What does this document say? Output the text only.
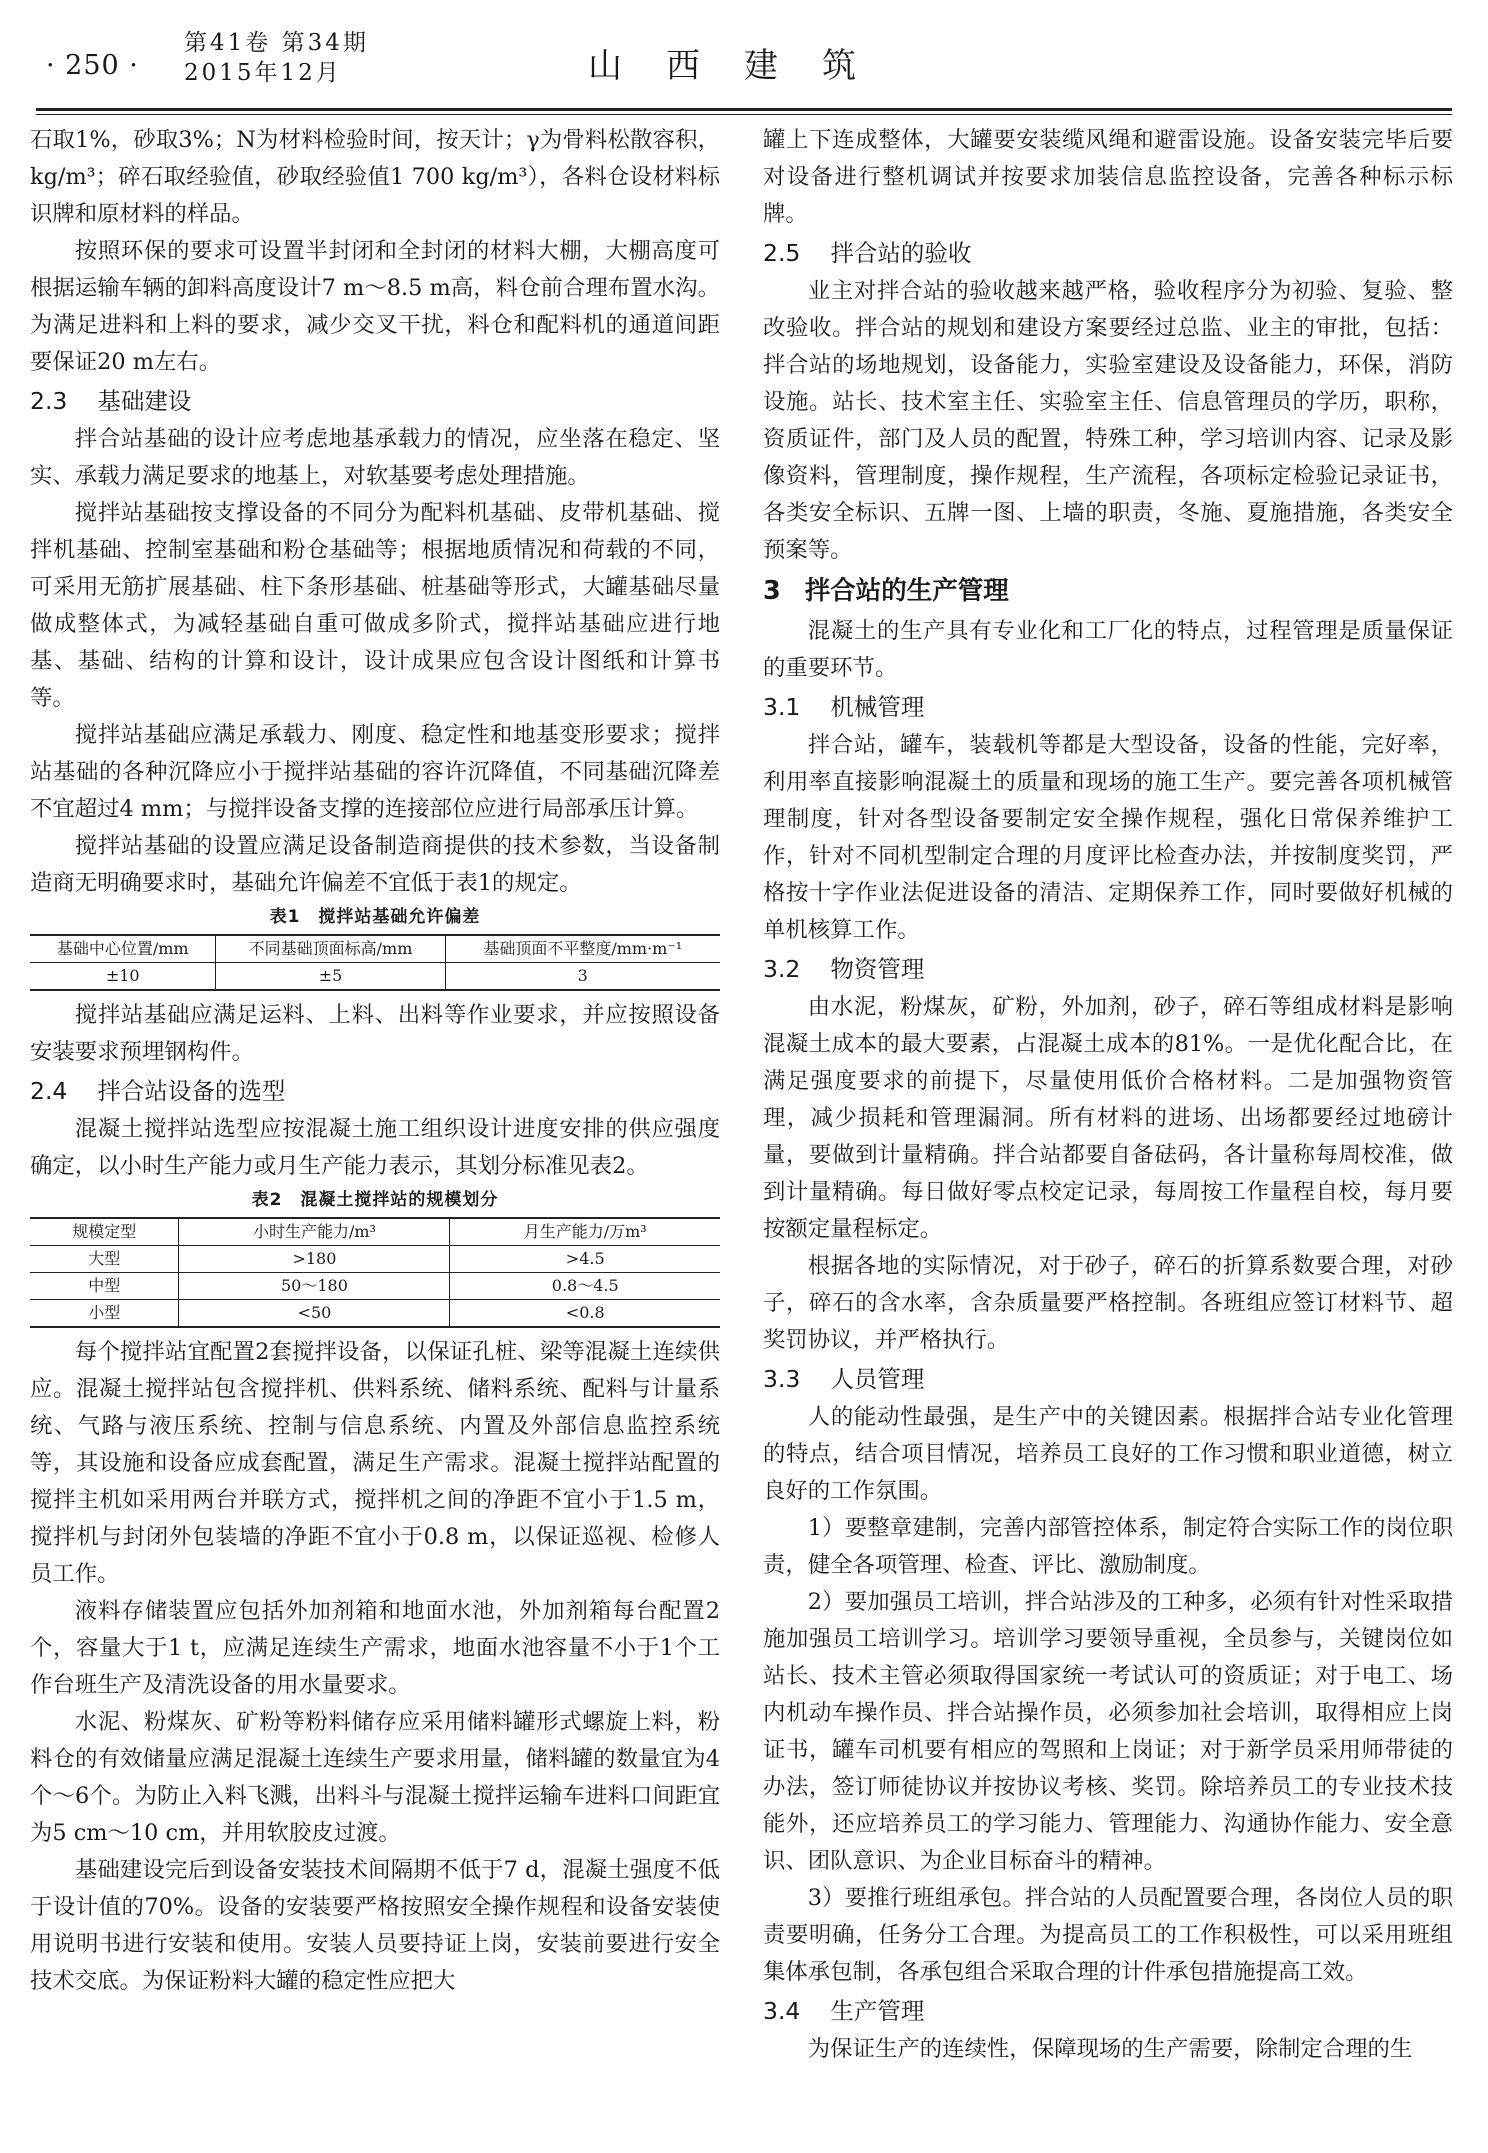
· 250 ·
第41卷 第34期
2015年12月	山西建筑

石取1%，砂取3%；N为材料检验时间，按天计；γ为骨料松散容积，kg/m³；碎石取经验值，砂取经验值1 700 kg/m³），各料仓设材料标识牌和原材料的样品。

按照环保的要求可设置半封闭和全封闭的材料大棚，大棚高度可根据运输车辆的卸料高度设计7 m～8.5 m高，料仓前合理布置水沟。为满足进料和上料的要求，减少交叉干扰，料仓和配料机的通道间距要保证20 m左右。

2.3 基础建设

拌合站基础的设计应考虑地基承载力的情况，应坐落在稳定、坚实、承载力满足要求的地基上，对软基要考虑处理措施。

搅拌站基础按支撑设备的不同分为配料机基础、皮带机基础、搅拌机基础、控制室基础和粉仓基础等；根据地质情况和荷载的不同，可采用无筋扩展基础、柱下条形基础、桩基础等形式，大罐基础尽量做成整体式，为减轻基础自重可做成多阶式，搅拌站基础应进行地基、基础、结构的计算和设计，设计成果应包含设计图纸和计算书等。

搅拌站基础应满足承载力、刚度、稳定性和地基变形要求；搅拌站基础的各种沉降应小于搅拌站基础的容许沉降值，不同基础沉降差不宜超过4 mm；与搅拌设备支撑的连接部位应进行局部承压计算。

搅拌站基础的设置应满足设备制造商提供的技术参数，当设备制造商无明确要求时，基础允许偏差不宜低于表1的规定。

表1 搅拌站基础允许偏差
基础中心位置/mm	不同基础顶面标高/mm	基础顶面不平整度/mm·m⁻¹
±10	±5	3

搅拌站基础应满足运料、上料、出料等作业要求，并应按照设备安装要求预埋钢构件。

2.4 拌合站设备的选型

混凝土搅拌站选型应按混凝土施工组织设计进度安排的供应强度确定，以小时生产能力或月生产能力表示，其划分标准见表2。

表2 混凝土搅拌站的规模划分
规模定型	小时生产能力/m³	月生产能力/万m³
大型	>180	>4.5
中型	50～180	0.8～4.5
小型	<50	<0.8

每个搅拌站宜配置2套搅拌设备，以保证孔桩、梁等混凝土连续供应。混凝土搅拌站包含搅拌机、供料系统、储料系统、配料与计量系统、气路与液压系统、控制与信息系统、内置及外部信息监控系统等，其设施和设备应成套配置，满足生产需求。混凝土搅拌站配置的搅拌主机如采用两台并联方式，搅拌机之间的净距不宜小于1.5 m，搅拌机与封闭外包装墙的净距不宜小于0.8 m，以保证巡视、检修人员工作。

液料存储装置应包括外加剂箱和地面水池，外加剂箱每台配置2个，容量大于1 t，应满足连续生产需求，地面水池容量不小于1个工作台班生产及清洗设备的用水量要求。

水泥、粉煤灰、矿粉等粉料储存应采用储料罐形式螺旋上料，粉料仓的有效储量应满足混凝土连续生产要求用量，储料罐的数量宜为4个～6个。为防止入料飞溅，出料斗与混凝土搅拌运输车进料口间距宜为5 cm～10 cm，并用软胶皮过渡。

基础建设完后到设备安装技术间隔期不低于7 d，混凝土强度不低于设计值的70%。设备的安装要严格按照安全操作规程和设备安装使用说明书进行安装和使用。安装人员要持证上岗，安装前要进行安全技术交底。为保证粉料大罐的稳定性应把大

罐上下连成整体，大罐要安装缆风绳和避雷设施。设备安装完毕后要对设备进行整机调试并按要求加装信息监控设备，完善各种标示标牌。

2.5 拌合站的验收

业主对拌合站的验收越来越严格，验收程序分为初验、复验、整改验收。拌合站的规划和建设方案要经过总监、业主的审批，包括：拌合站的场地规划，设备能力，实验室建设及设备能力，环保，消防设施。站长、技术室主任、实验室主任、信息管理员的学历，职称，资质证件，部门及人员的配置，特殊工种，学习培训内容、记录及影像资料，管理制度，操作规程，生产流程，各项标定检验记录证书，各类安全标识、五牌一图、上墙的职责，冬施、夏施措施，各类安全预案等。

3 拌合站的生产管理

混凝土的生产具有专业化和工厂化的特点，过程管理是质量保证的重要环节。

3.1 机械管理

拌合站，罐车，装载机等都是大型设备，设备的性能，完好率，利用率直接影响混凝土的质量和现场的施工生产。要完善各项机械管理制度，针对各型设备要制定安全操作规程，强化日常保养维护工作，针对不同机型制定合理的月度评比检查办法，并按制度奖罚，严格按十字作业法促进设备的清洁、定期保养工作，同时要做好机械的单机核算工作。

3.2 物资管理

由水泥，粉煤灰，矿粉，外加剂，砂子，碎石等组成材料是影响混凝土成本的最大要素，占混凝土成本的81%。一是优化配合比，在满足强度要求的前提下，尽量使用低价合格材料。二是加强物资管理，减少损耗和管理漏洞。所有材料的进场、出场都要经过地磅计量，要做到计量精确。拌合站都要自备砝码，各计量称每周校准，做到计量精确。每日做好零点校定记录，每周按工作量程自校，每月要按额定量程标定。

根据各地的实际情况，对于砂子，碎石的折算系数要合理，对砂子，碎石的含水率，含杂质量要严格控制。各班组应签订材料节、超奖罚协议，并严格执行。

3.3 人员管理

人的能动性最强，是生产中的关键因素。根据拌合站专业化管理的特点，结合项目情况，培养员工良好的工作习惯和职业道德，树立良好的工作氛围。

1）要整章建制，完善内部管控体系，制定符合实际工作的岗位职责，健全各项管理、检查、评比、激励制度。

2）要加强员工培训，拌合站涉及的工种多，必须有针对性采取措施加强员工培训学习。培训学习要领导重视，全员参与，关键岗位如站长、技术主管必须取得国家统一考试认可的资质证；对于电工、场内机动车操作员、拌合站操作员，必须参加社会培训，取得相应上岗证书，罐车司机要有相应的驾照和上岗证；对于新学员采用师带徒的办法，签订师徒协议并按协议考核、奖罚。除培养员工的专业技术技能外，还应培养员工的学习能力、管理能力、沟通协作能力、安全意识、团队意识、为企业目标奋斗的精神。

3）要推行班组承包。拌合站的人员配置要合理，各岗位人员的职责要明确，任务分工合理。为提高员工的工作积极性，可以采用班组集体承包制，各承包组合采取合理的计件承包措施提高工效。

3.4 生产管理

为保证生产的连续性，保障现场的生产需要，除制定合理的生
